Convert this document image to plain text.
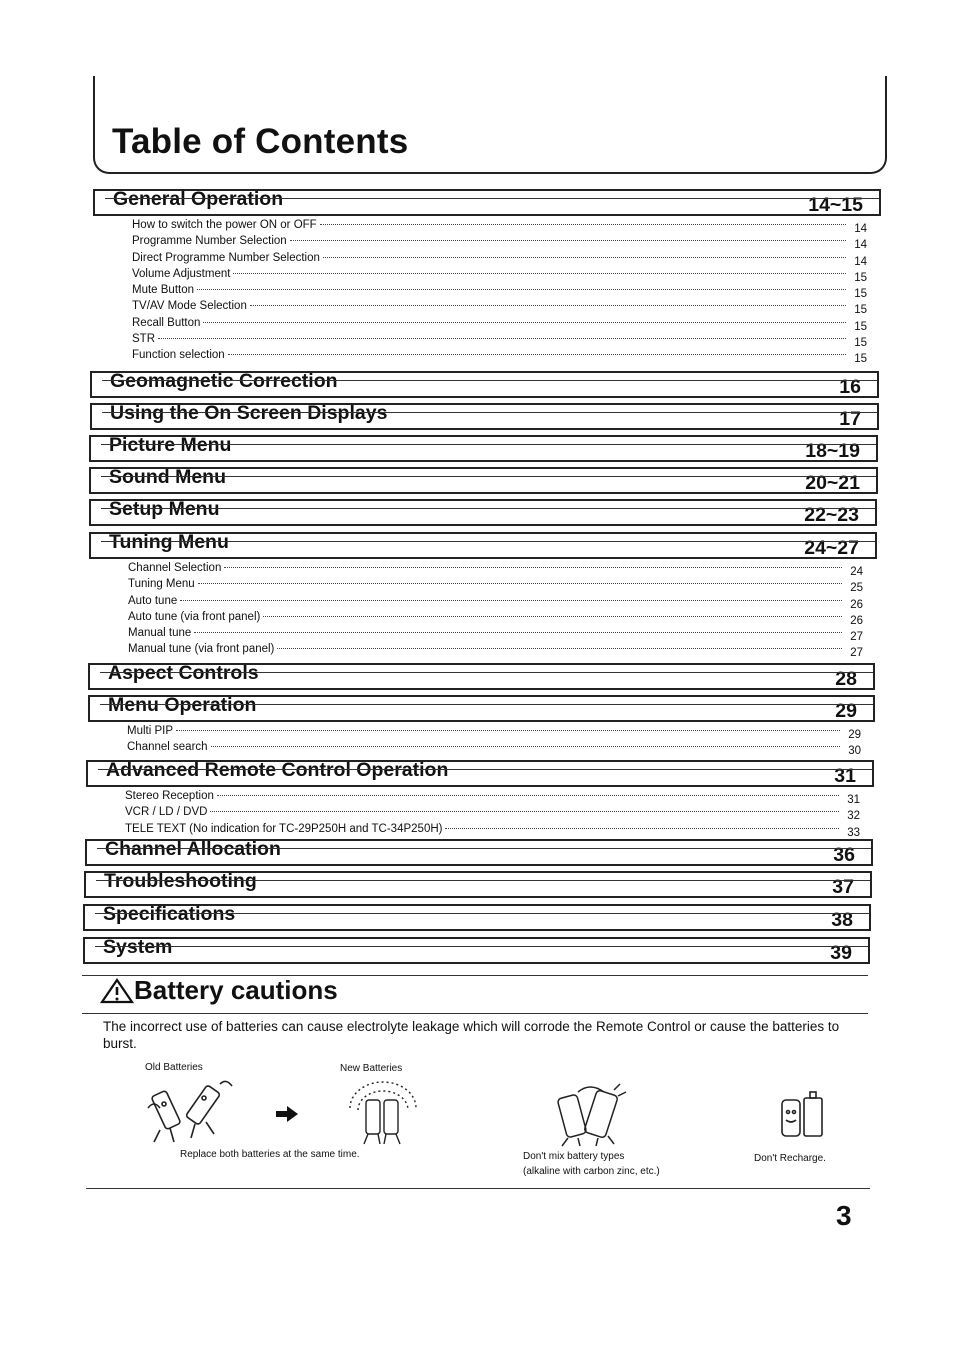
Table of Contents
General Operation	14~15
How to switch the power ON or OFF	14
Programme Number Selection	14
Direct Programme Number Selection	14
Volume Adjustment	15
Mute Button	15
TV/AV Mode Selection	15
Recall Button	15
STR	15
Function selection	15
Geomagnetic Correction	16
Using the On Screen Displays	17
Picture Menu	18~19
Sound Menu	20~21
Setup Menu	22~23
Tuning Menu	24~27
Channel Selection	24
Tuning Menu	25
Auto tune	26
Auto tune (via front panel)	26
Manual tune	27
Manual tune (via front panel)	27
Aspect Controls	28
Menu Operation	29
Multi PIP	29
Channel search	30
Advanced Remote Control Operation	31
Stereo Reception	31
VCR / LD / DVD	32
TELE TEXT (No indication for TC-29P250H and TC-34P250H)	33
Channel Allocation	36
Troubleshooting	37
Specifications	38
System	39
Battery cautions

The incorrect use of batteries can cause electrolyte leakage which will corrode the Remote Control or cause the batteries to burst.

Old Batteries	New Batteries
Replace both batteries at the same time.	Don't mix battery types
(alkaline with carbon zinc, etc.)
Don't Recharge.
3
